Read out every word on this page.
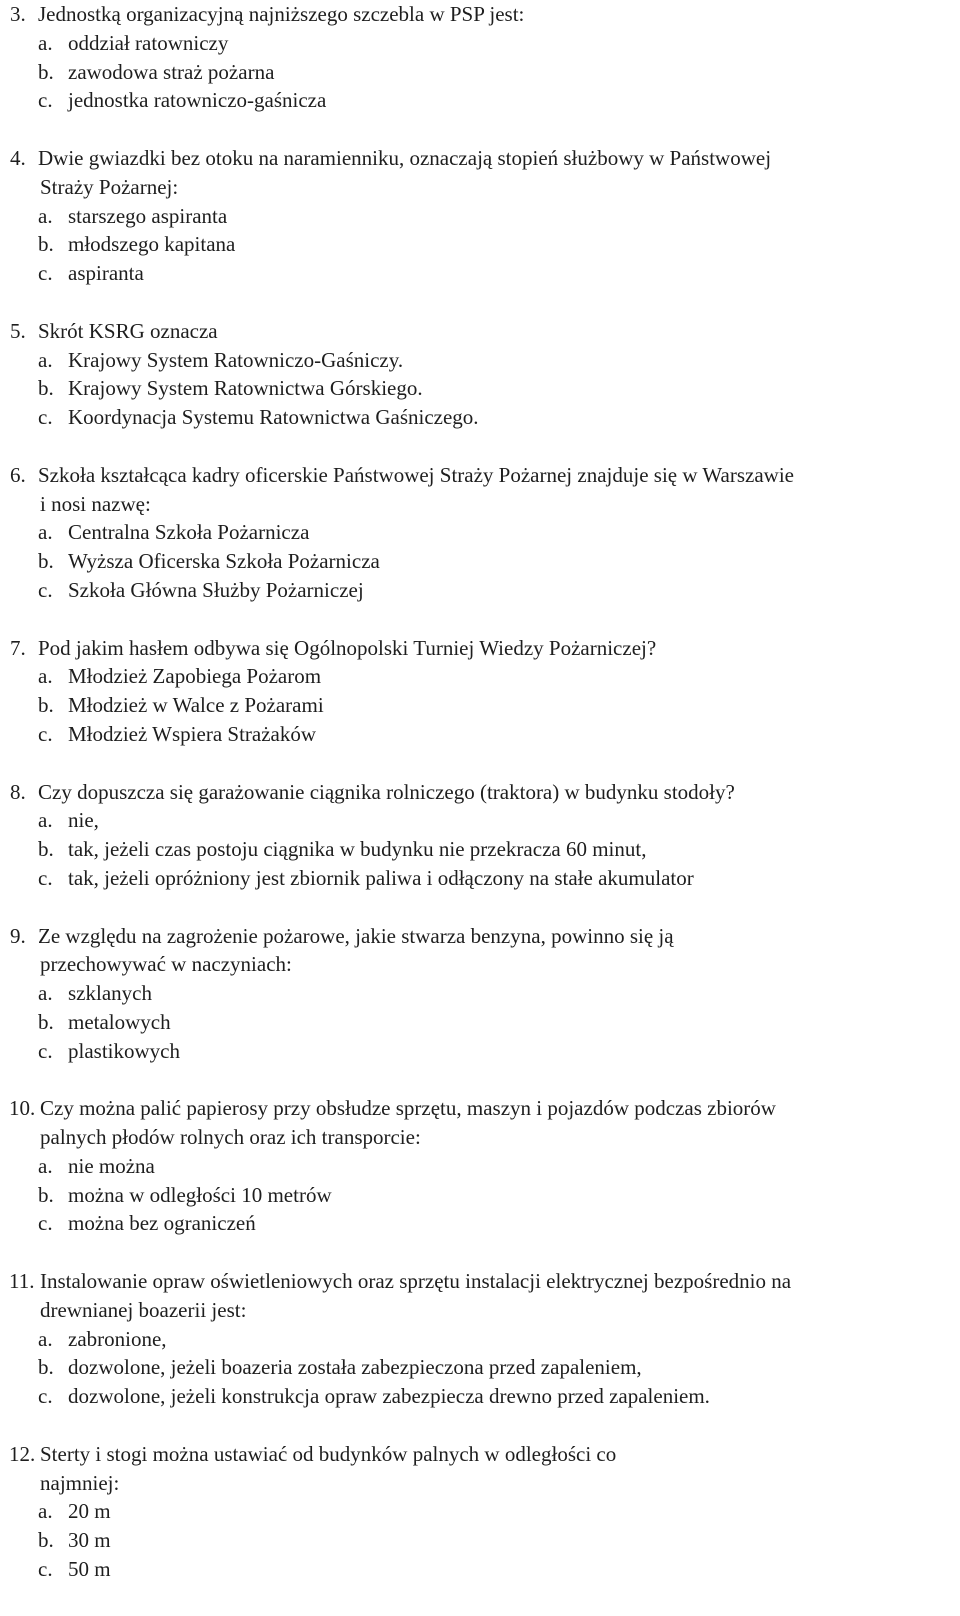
3. Jednostką organizacyjną najniższego szczebla w PSP jest:
a. oddział ratowniczy
b. zawodowa straż pożarna
c. jednostka ratowniczo-gaśnicza
4. Dwie gwiazdki bez otoku na naramienniku, oznaczają stopień służbowy w Państwowej
Straży Pożarnej:
a. starszego aspiranta
b. młodszego kapitana
c. aspiranta
5. Skrót KSRG oznacza
a. Krajowy System Ratowniczo-Gaśniczy.
b. Krajowy System Ratownictwa Górskiego.
c. Koordynacja Systemu Ratownictwa Gaśniczego.
6. Szkoła kształcąca kadry oficerskie Państwowej Straży Pożarnej znajduje się w Warszawie
i nosi nazwę:
a. Centralna Szkoła Pożarnicza
b. Wyższa Oficerska Szkoła Pożarnicza
c. Szkoła Główna Służby Pożarniczej
7. Pod jakim hasłem odbywa się Ogólnopolski Turniej Wiedzy Pożarniczej?
a. Młodzież Zapobiega Pożarom
b. Młodzież w Walce z Pożarami
c. Młodzież Wspiera Strażaków
8. Czy dopuszcza się garażowanie ciągnika rolniczego (traktora) w budynku stodoły?
a. nie,
b. tak, jeżeli czas postoju ciągnika w budynku nie przekracza 60 minut,
c. tak, jeżeli opróżniony jest zbiornik paliwa i odłączony na stałe akumulator
9. Ze względu na zagrożenie pożarowe, jakie stwarza benzyna, powinno się ją
przechowywać w naczyniach:
a. szklanych
b. metalowych
c. plastikowych
10. Czy można palić papierosy przy obsłudze sprzętu, maszyn i pojazdów podczas zbiorów
palnych płodów rolnych oraz ich transporcie:
a. nie można
b. można w odległości 10 metrów
c. można bez ograniczeń
11. Instalowanie opraw oświetleniowych oraz sprzętu instalacji elektrycznej bezpośrednio na
drewnianej boazerii jest:
a. zabronione,
b. dozwolone, jeżeli boazeria została zabezpieczona przed zapaleniem,
c. dozwolone, jeżeli konstrukcja opraw zabezpiecza drewno przed zapaleniem.
12. Sterty i stogi można ustawiać od budynków palnych w odległości co
najmniej:
a. 20 m
b. 30 m
c. 50 m
